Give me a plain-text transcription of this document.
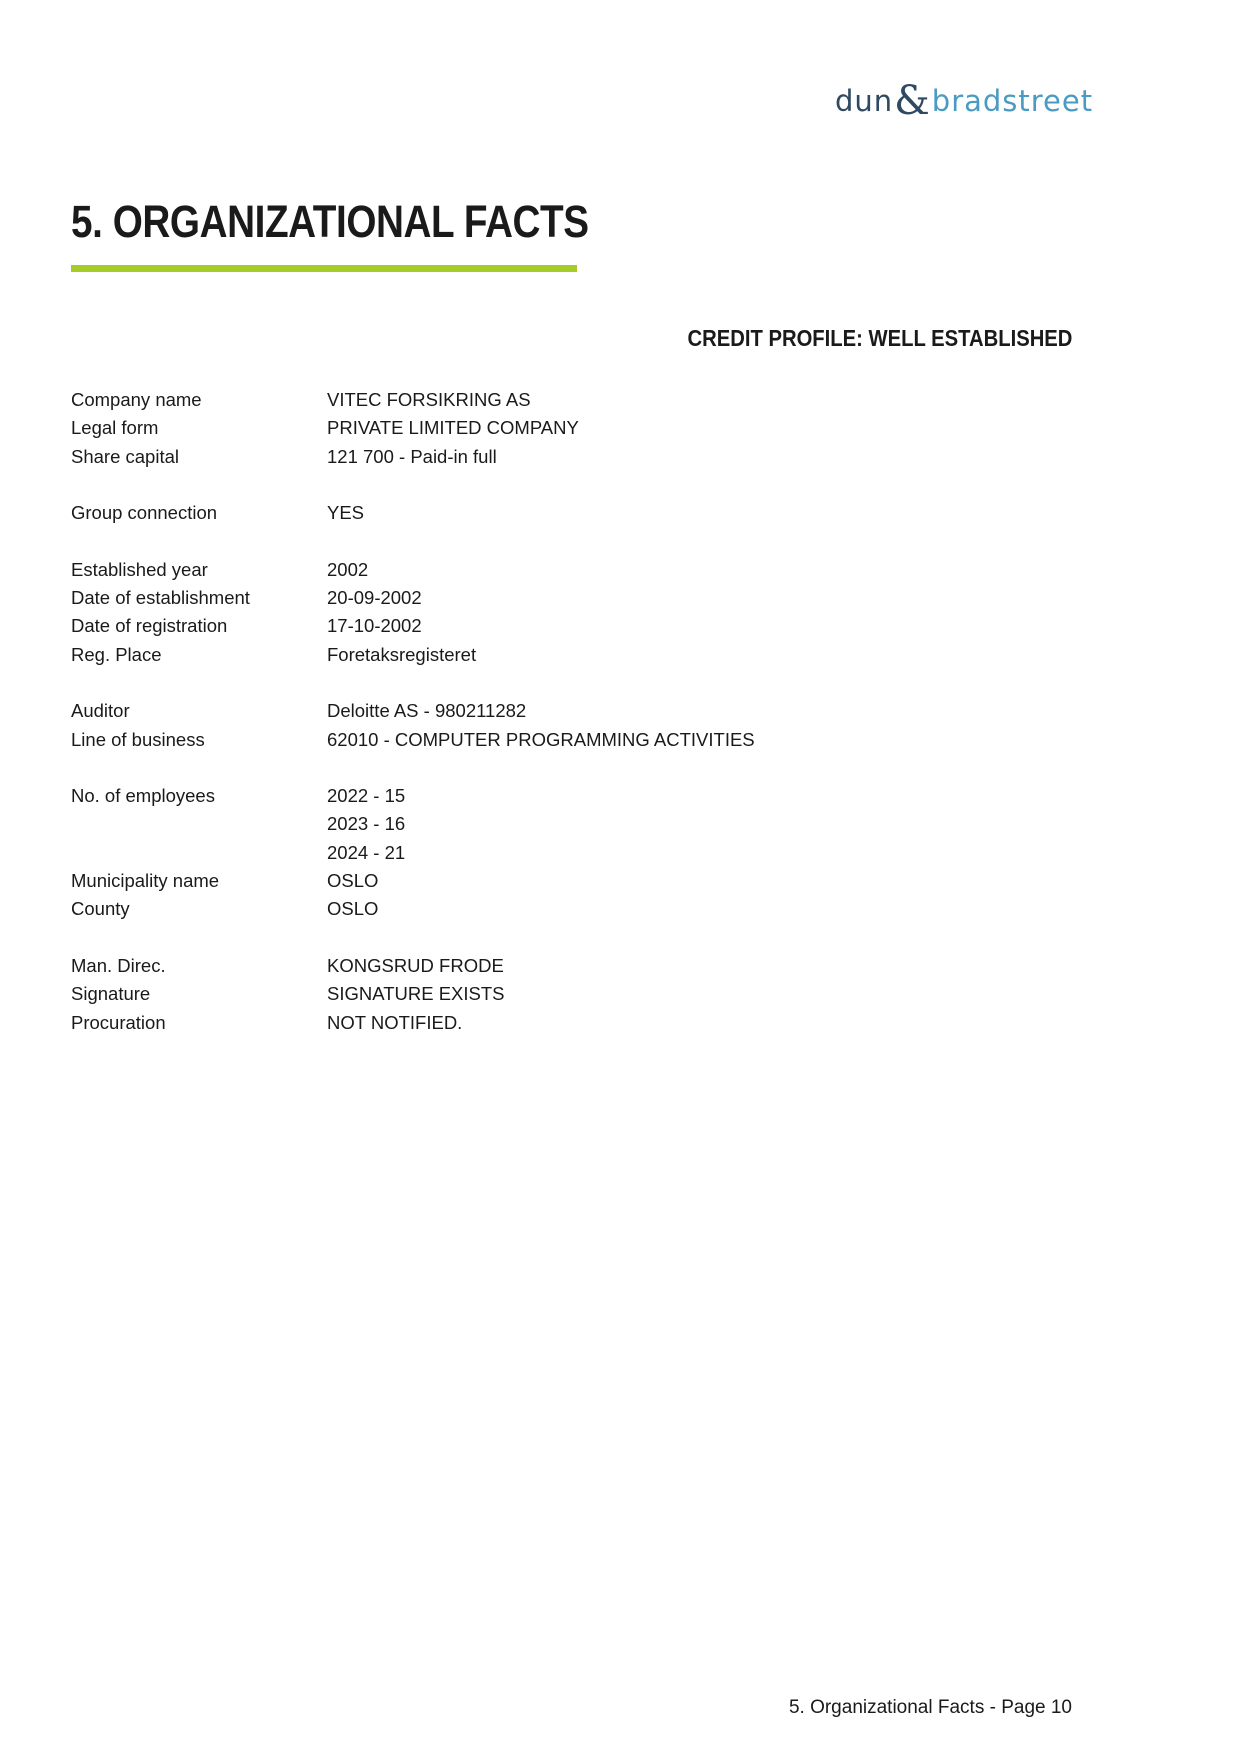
dun & bradstreet
5. ORGANIZATIONAL FACTS
CREDIT PROFILE: WELL ESTABLISHED
Company name	VITEC FORSIKRING AS
Legal form	PRIVATE LIMITED COMPANY
Share capital	121 700 - Paid-in full
Group connection	YES
Established year	2002
Date of establishment	20-09-2002
Date of registration	17-10-2002
Reg. Place	Foretaksregisteret
Auditor	Deloitte AS - 980211282
Line of business	62010 - COMPUTER PROGRAMMING ACTIVITIES
No. of employees	2022 - 15
2023 - 16
2024 - 21
Municipality name	OSLO
County	OSLO
Man. Direc.	KONGSRUD FRODE
Signature	SIGNATURE EXISTS
Procuration	NOT NOTIFIED.
5. Organizational Facts - Page 10
